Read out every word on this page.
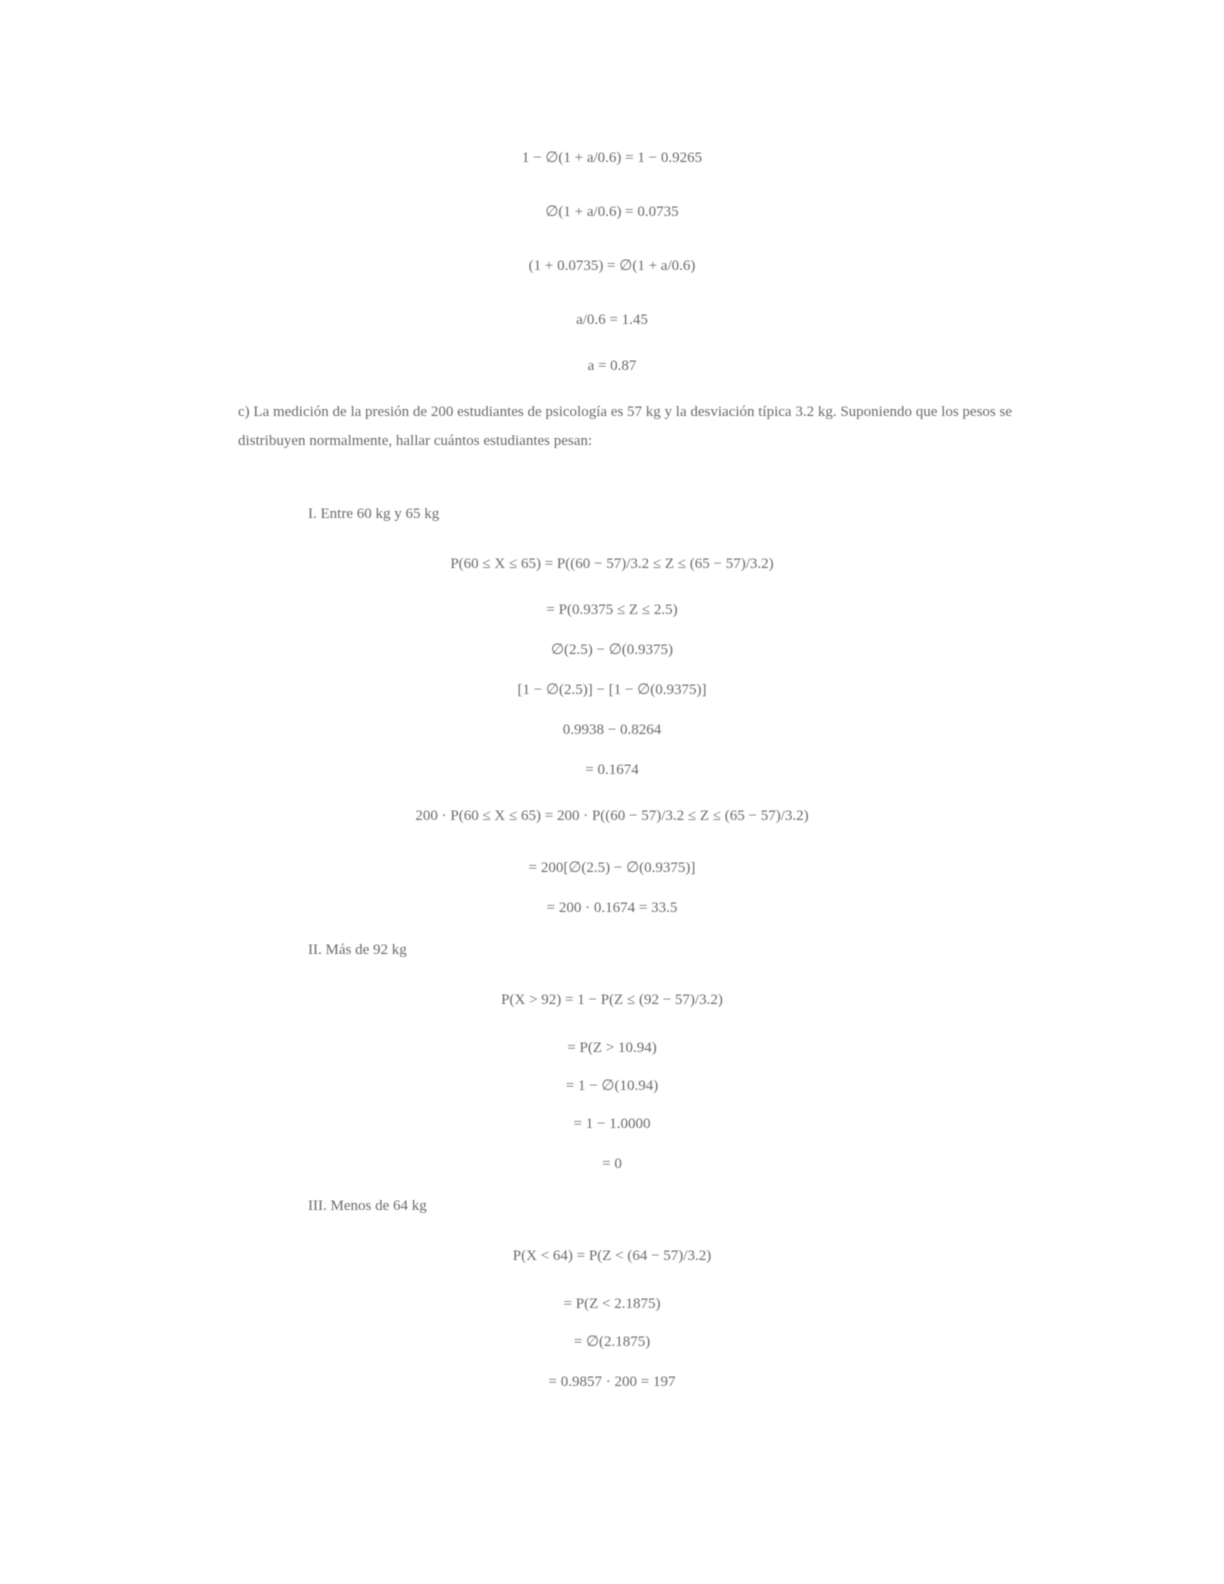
1 − ∅(1 + a/0.6) = 1 − 0.9265
∅(1 + a/0.6) = 0.0735
(1 + 0.0735) = ∅(1 + a/0.6)
a/0.6 = 1.45
a = 0.87
c) La medición de la presión de 200 estudiantes de psicología es 57 kg y la desviación típica 3.2 kg. Suponiendo que los pesos se distribuyen normalmente, hallar cuántos estudiantes pesan:
I. Entre 60 kg y 65 kg
P(60 ≤ X ≤ 65) = P((60 − 57)/3.2 ≤ Z ≤ (65 − 57)/3.2)
= P(0.9375 ≤ Z ≤ 2.5)
∅(2.5) − ∅(0.9375)
[1 − ∅(2.5)] − [1 − ∅(0.9375)]
0.9938 − 0.8264
= 0.1674
200 · P(60 ≤ X ≤ 65) = 200 · P((60 − 57)/3.2 ≤ Z ≤ (65 − 57)/3.2)
= 200[∅(2.5) − ∅(0.9375)]
= 200 · 0.1674 = 33.5
II. Más de 92 kg
P(X > 92) = 1 − P(Z ≤ (92 − 57)/3.2)
= P(Z > 10.94)
= 1 − ∅(10.94)
= 1 − 1.0000
= 0
III. Menos de 64 kg
P(X < 64) = P(Z < (64 − 57)/3.2)
= P(Z < 2.1875)
= ∅(2.1875)
= 0.9857 · 200 = 197
